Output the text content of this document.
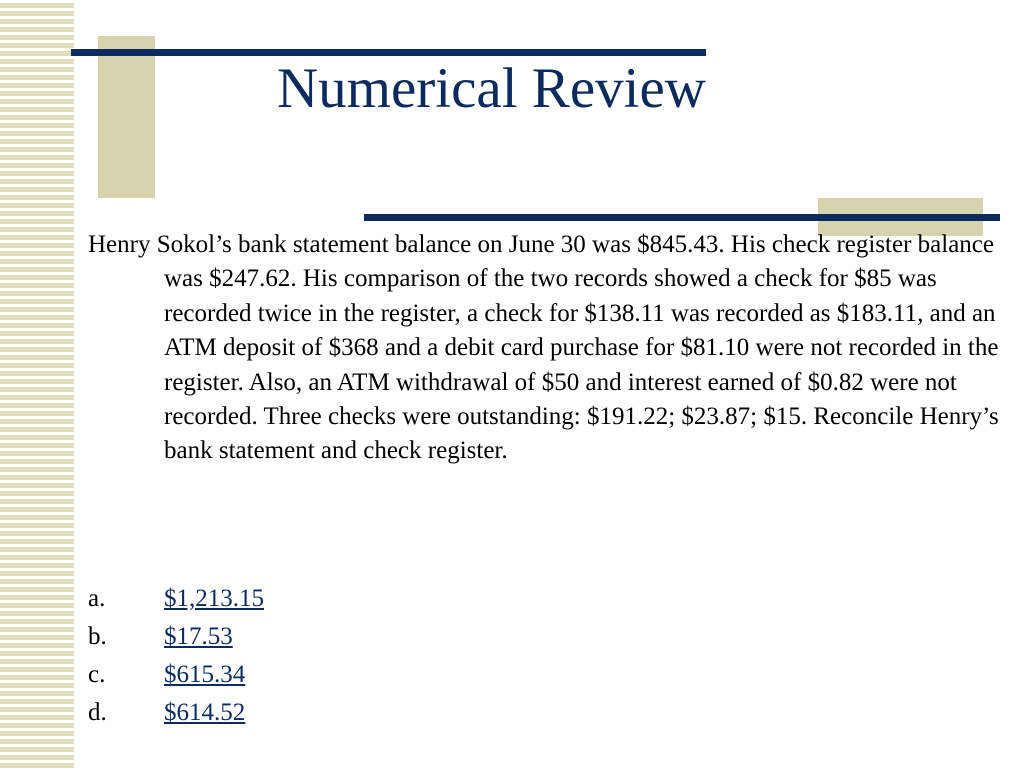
Numerical Review
Henry Sokol’s bank statement balance on June 30 was $845.43. His check register balance was $247.62. His comparison of the two records showed a check for $85 was recorded twice in the register, a check for $138.11 was recorded as $183.11, and an ATM deposit of $368 and a debit card purchase for $81.10 were not recorded in the register. Also, an ATM withdrawal of $50 and interest earned of $0.82 were not recorded. Three checks were outstanding: $191.22; $23.87; $15. Reconcile Henry’s bank statement and check register.
a.	$1,213.15
b.	$17.53
c.	$615.34
d.	$614.52
